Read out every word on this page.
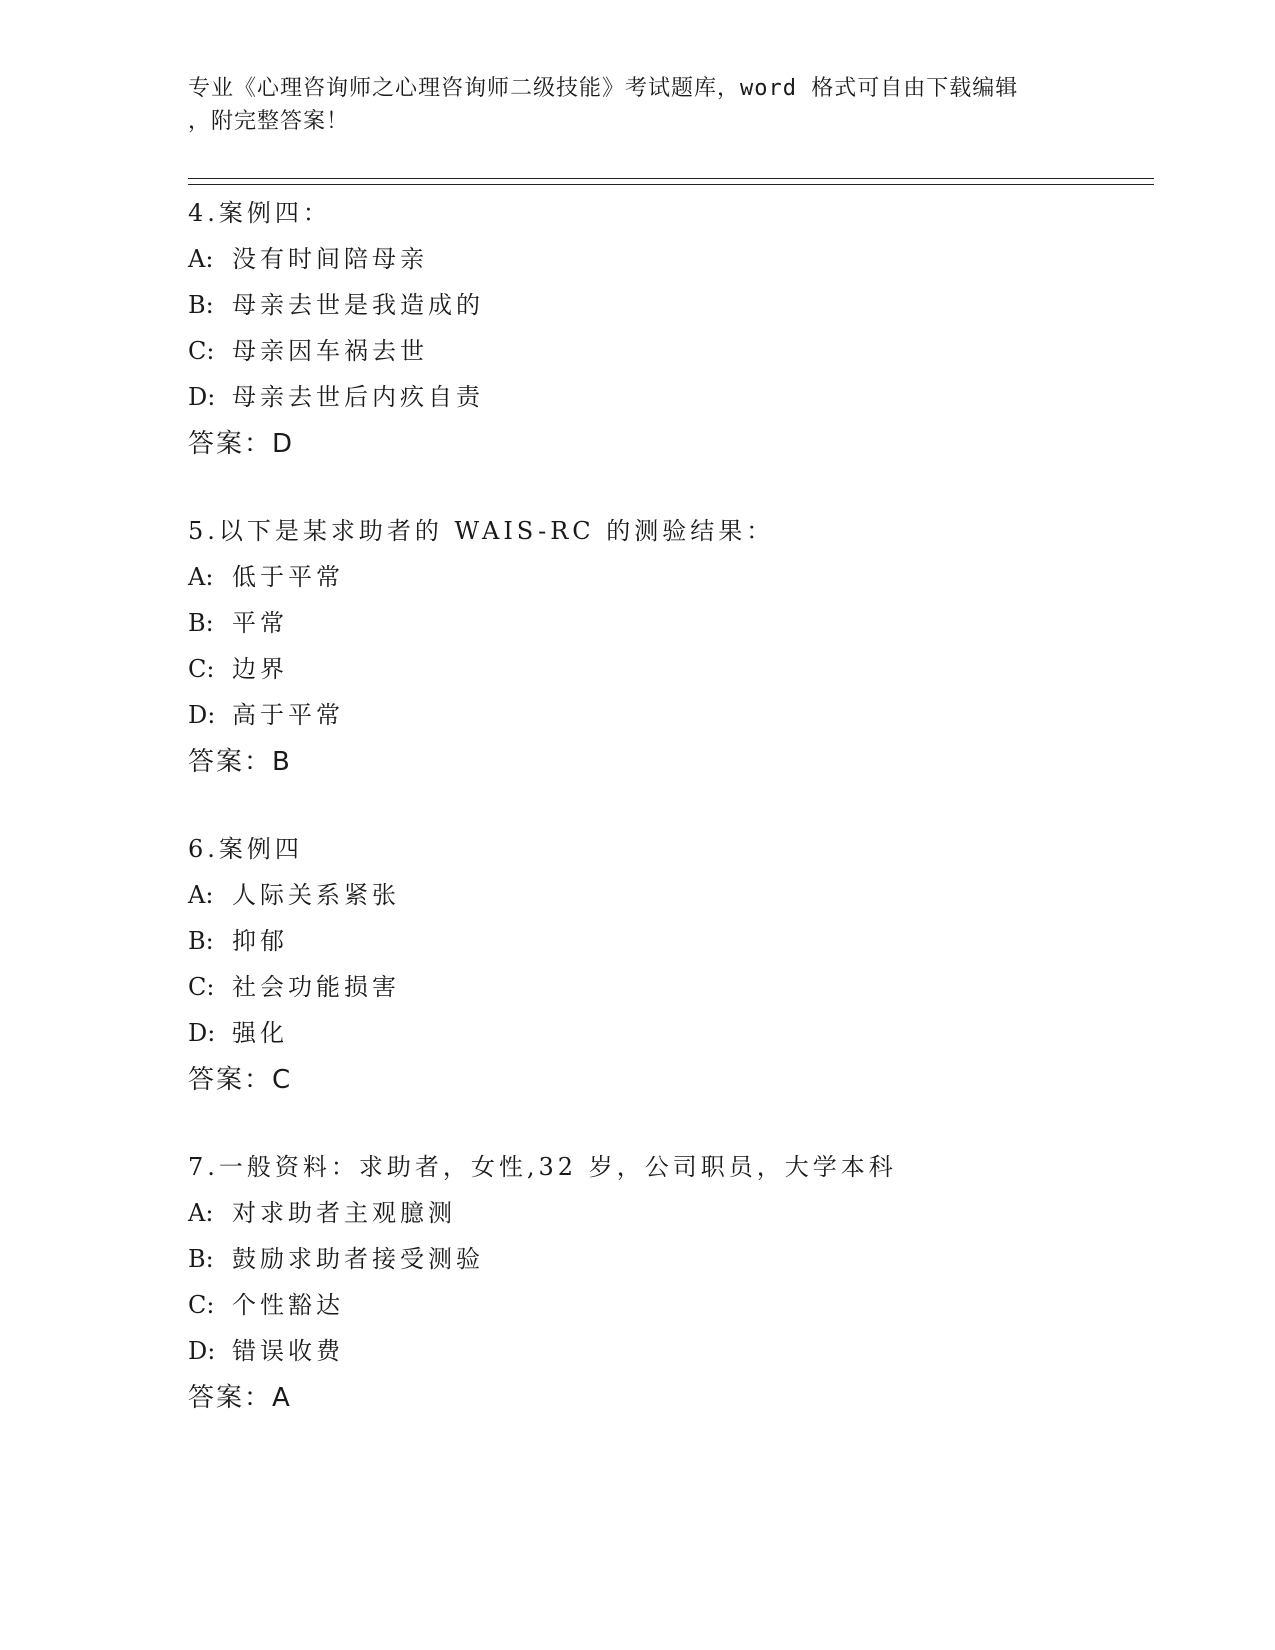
专业《心理咨询师之心理咨询师二级技能》考试题库，word 格式可自由下载编辑
，附完整答案！
4.案例四：
A: 没有时间陪母亲
B: 母亲去世是我造成的
C: 母亲因车祸去世
D: 母亲去世后内疚自责
答案：D
5.以下是某求助者的 WAIS-RC 的测验结果：
A: 低于平常
B: 平常
C: 边界
D: 高于平常
答案：B
6.案例四
A: 人际关系紧张
B: 抑郁
C: 社会功能损害
D: 强化
答案：C
7.一般资料：求助者，女性,32 岁，公司职员，大学本科
A: 对求助者主观臆测
B: 鼓励求助者接受测验
C: 个性豁达
D: 错误收费
答案：A
